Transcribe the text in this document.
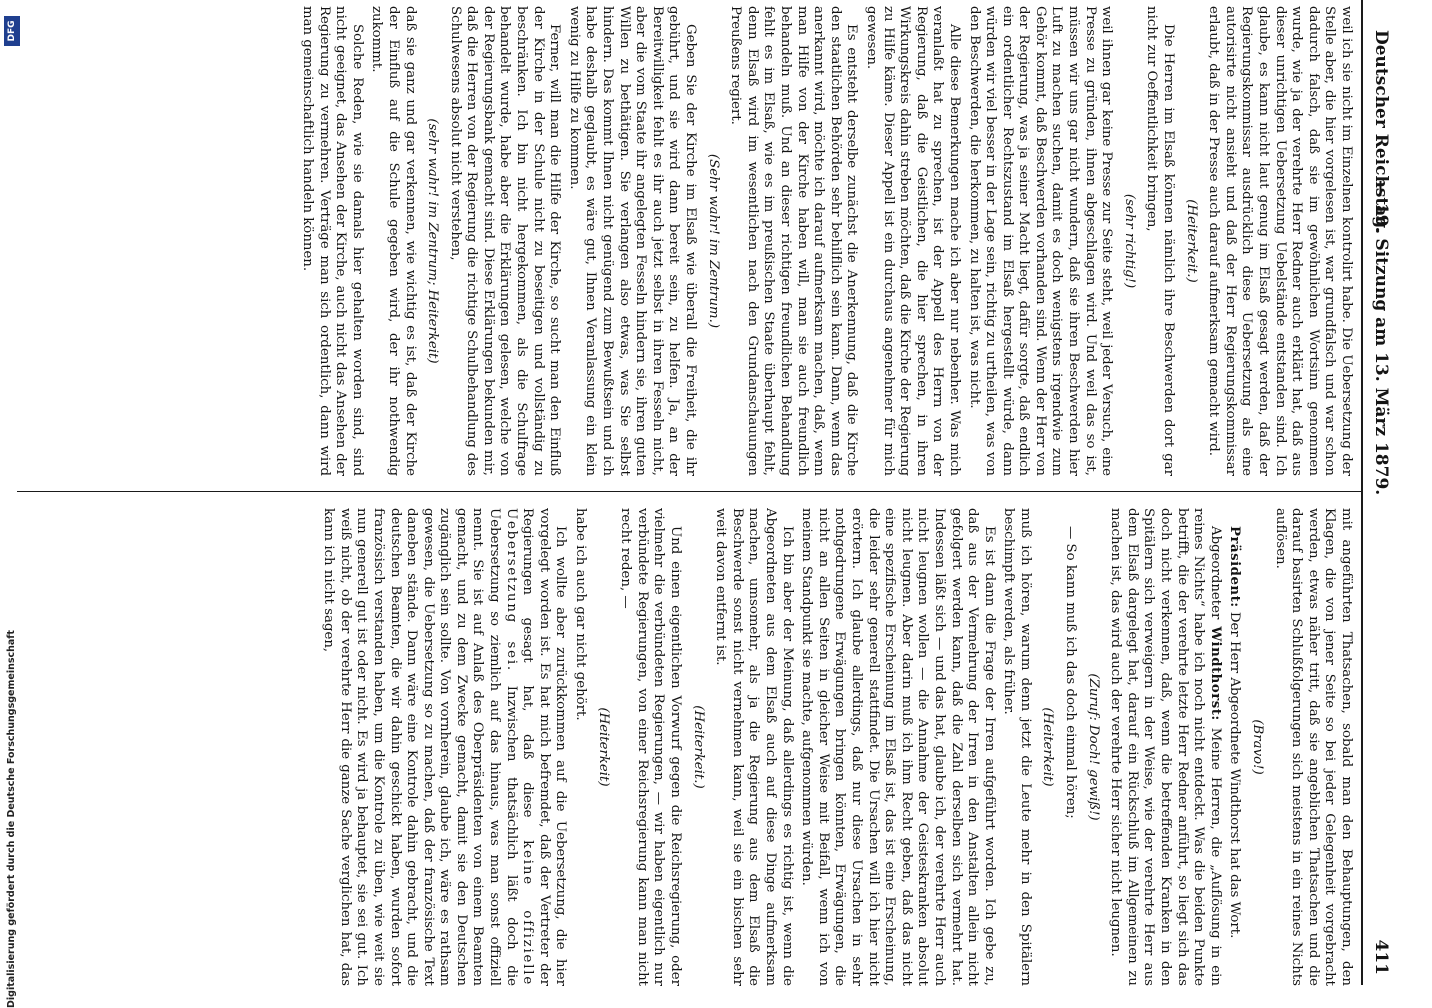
Deutscher Reichstag.
— 19. Sitzung am 13. März 1879.
411

weil ich sie nicht im Einzelnen kontrolirt habe. Die Uebersetzung der Stelle aber, die hier vorgelesen ist, war grundfalsch und war schon dadurch falsch, daß sie im gewöhnlichen Wortsinn genommen wurde, wie ja der verehrte Herr Redner auch erklärt hat, daß aus dieser unrichtigen Uebersetzung Uebelstände entstanden sind. Ich glaube, es kann nicht laut genug im Elsaß gesagt werden, daß der Regierungskommissar ausdrücklich diese Uebersetzung als eine autorisirte nicht ansieht und daß der Herr Regierungskommissar erlaubt, daß in der Presse auch darauf aufmerksam gemacht wird.

(Heiterkeit.)

Die Herren im Elsaß können nämlich ihre Beschwerden dort gar nicht zur Oeffentlichkeit bringen,

(sehr richtig!)

weil ihnen gar keine Presse zur Seite steht, weil jeder Versuch, eine Presse zu gründen, ihnen abgeschlagen wird. Und weil das so ist, müssen wir uns gar nicht wundern, daß sie ihren Beschwerden hier Luft zu machen suchen, damit es doch wenigstens irgendwie zum Gehör kommt, daß Beschwerden vorhanden sind. Wenn der Herr von der Regierung, was ja seiner Macht liegt, dafür sorgte, daß endlich ein ordentlicher Rechtszustand im Elsaß hergestellt würde, dann würden wir viel besser in der Lage sein, richtig zu urtheilen, was von den Beschwerden, die herkommen, zu halten ist, was nicht.

Alle diese Bemerkungen mache ich aber nur nebenher. Was mich veranlaßt hat zu sprechen, ist der Appell des Herrn von der Regierung, daß die Geistlichen, die hier sprechen, in ihren Wirkungskreis dahin streben möchten, daß die Kirche der Regierung zu Hilfe käme. Dieser Appell ist ein durchaus angenehmer für mich gewesen.

Es entsteht derselbe zunächst die Anerkennung, daß die Kirche den staatlichen Behörden sehr behilflich sein kann. Dann, wenn das anerkannt wird, möchte ich darauf aufmerksam machen, daß, wenn man Hilfe von der Kirche haben will, man sie auch freundlich behandeln muß. Und an dieser richtigen freundlichen Behandlung fehlt es im Elsaß, wie es im preußischen Staate überhaupt fehlt, denn Elsaß wird im wesentlichen nach den Grundanschauungen Preußens regiert.

(Sehr wahr! im Zentrum.)

Geben Sie der Kirche im Elsaß wie überall die Freiheit, die ihr gebührt, und sie wird dann bereit sein, zu helfen. Ja, an der Bereitwilligkeit fehlt es ihr auch jetzt selbst in ihren Fesseln nicht, aber die vom Staate ihr angelegten Fesseln hindern sie, ihren guten Willen zu bethätigen. Sie verlangen also etwas, was Sie selbst hindern. Das kommt Ihnen nicht genügend zum Bewußtsein und ich habe deshalb geglaubt, es wäre gut, Ihnen Veranlassung ein klein wenig zu Hilfe zu kommen.

Ferner, will man die Hilfe der Kirche, so sucht man den Einfluß der Kirche in der Schule nicht zu beseitigen und vollständig zu beschränken. Ich bin nicht hergekommen, als die Schulfrage behandelt wurde, habe aber die Erklärungen gelesen, welche von der Regierungsbank gemacht sind. Diese Erklärungen bekunden mir, daß die Herren von der Regierung die richtige Schulbehandlung des Schulwesens absolut nicht verstehen,

(sehr wahr! im Zentrum; Heiterkeit)

daß sie ganz und gar verkennen, wie wichtig es ist, daß der Kirche der Einfluß auf die Schule gegeben wird, der ihr nothwendig zukommt.

Solche Reden, wie sie damals hier gehalten worden sind, sind nicht geeignet, das Ansehen der Kirche, auch nicht das Ansehen der Regierung zu vermehren. Verträge man sich ordentlich, dann wird man gemeinschaftlich handeln können.

mit angeführten Thatsachen, sobald man den Behauptungen, den Klagen, die von jener Seite so bei jeder Gelegenheit vorgebracht werden, etwas näher tritt, daß sie angeblichen Thatsachen und die darauf basirten Schlußfolgerungen sich meistens in ein reines Nichts auflösen.

(Bravo!)

Präsident: Der Herr Abgeordnete Windthorst hat das Wort.

Abgeordneter Windthorst: Meine Herren, die „Auflösung in ein reines Nichts“ habe ich noch nicht entdeckt. Was die beiden Punkte betrifft, die der verehrte letzte Herr Redner anführt, so liegt sich das doch nicht verkennen, daß, wenn die betreffenden Kranken in den Spitälern sich verweigern in der Weise, wie der verehrte Herr aus dem Elsaß dargelegt hat, darauf ein Rückschluß im Allgemeinen zu machen ist, das wird auch der verehrte Herr sicher nicht leugnen.

(Zuruf: Doch! gewiß!)

— So kann muß ich das doch einmal hören;

(Heiterkeit)

muß ich hören, warum denn jetzt die Leute mehr in den Spitälern beschimpft werden, als früher.

Es ist dann die Frage der Irren aufgeführt worden. Ich gebe zu, daß aus der Vermehrung der Irren in den Anstalten allein nicht gefolgert werden kann, daß die Zahl derselben sich vermehrt hat. Indessen läßt sich — und das hat, glaube ich, der verehrte Herr auch nicht leugnen wollen — die Annahme der Geisteskranken absolut nicht leugnen. Aber darin muß ich ihm Recht geben, daß das nicht eine spezifische Erscheinung im Elsaß ist, das ist eine Erscheinung, die leider sehr generell stattfindet. Die Ursachen will ich hier nicht erörtern. Ich glaube allerdings, daß nur diese Ursachen in sehr nothgedrungene Erwägungen bringen könnten, Erwägungen, die nicht an allen Seiten in gleicher Weise mit Beifall, wenn ich von meinem Standpunkt sie machte, aufgenommen würden.

Ich bin aber der Meinung, daß allerdings es richtig ist, wenn die Abgeordneten aus dem Elsaß auch auf diese Dinge aufmerksam machen, umsomehr, als ja die Regierung aus dem Elsaß die Beschwerde sonst nicht vernehmen kann, weil sie ein bischen sehr weit davon entfernt ist.

(Heiterkeit.)

Und einen eigentlichen Vorwurf gegen die Reichsregierung, oder vielmehr die verbündeten Regierungen, — wir haben eigentlich nur verbündete Regierungen, von einer Reichsregierung kann man nicht recht reden, —

(Heiterkeit)

habe ich auch gar nicht gehört.

Ich wollte aber zurückkommen auf die Uebersetzung, die hier vorgelegt worden ist. Es hat mich befremdet, daß der Vertreter der Regierungen gesagt hat, daß diese keine offizielle Uebersetzung sei. Inzwischen thatsächlich läßt doch die Uebersetzung so ziemlich auf das hinaus, was man sonst offiziell nennt. Sie ist auf Anlaß des Oberpräsidenten von einem Beamten gemacht, und zu dem Zwecke gemacht, damit sie den Deutschen zugänglich sein sollte. Von vornherein, glaube ich, wäre es rathsam gewesen, die Uebersetzung so zu machen, daß der französische Text daneben stände. Dann wäre eine Kontrole dahin gebracht, und die deutschen Beamten, die wir dahin geschickt haben, wurden sofort französisch verstanden haben, um die Kontrole zu üben, wie weit sie nun generell gut ist oder nicht. Es wird ja behauptet, sie sei gut. Ich weiß nicht, ob der verehrte Herr die ganze Sache verglichen hat, das kann ich nicht sagen,

Digitalisierung gefördert durch die Deutsche Forschungsgemeinschaft
DFG
